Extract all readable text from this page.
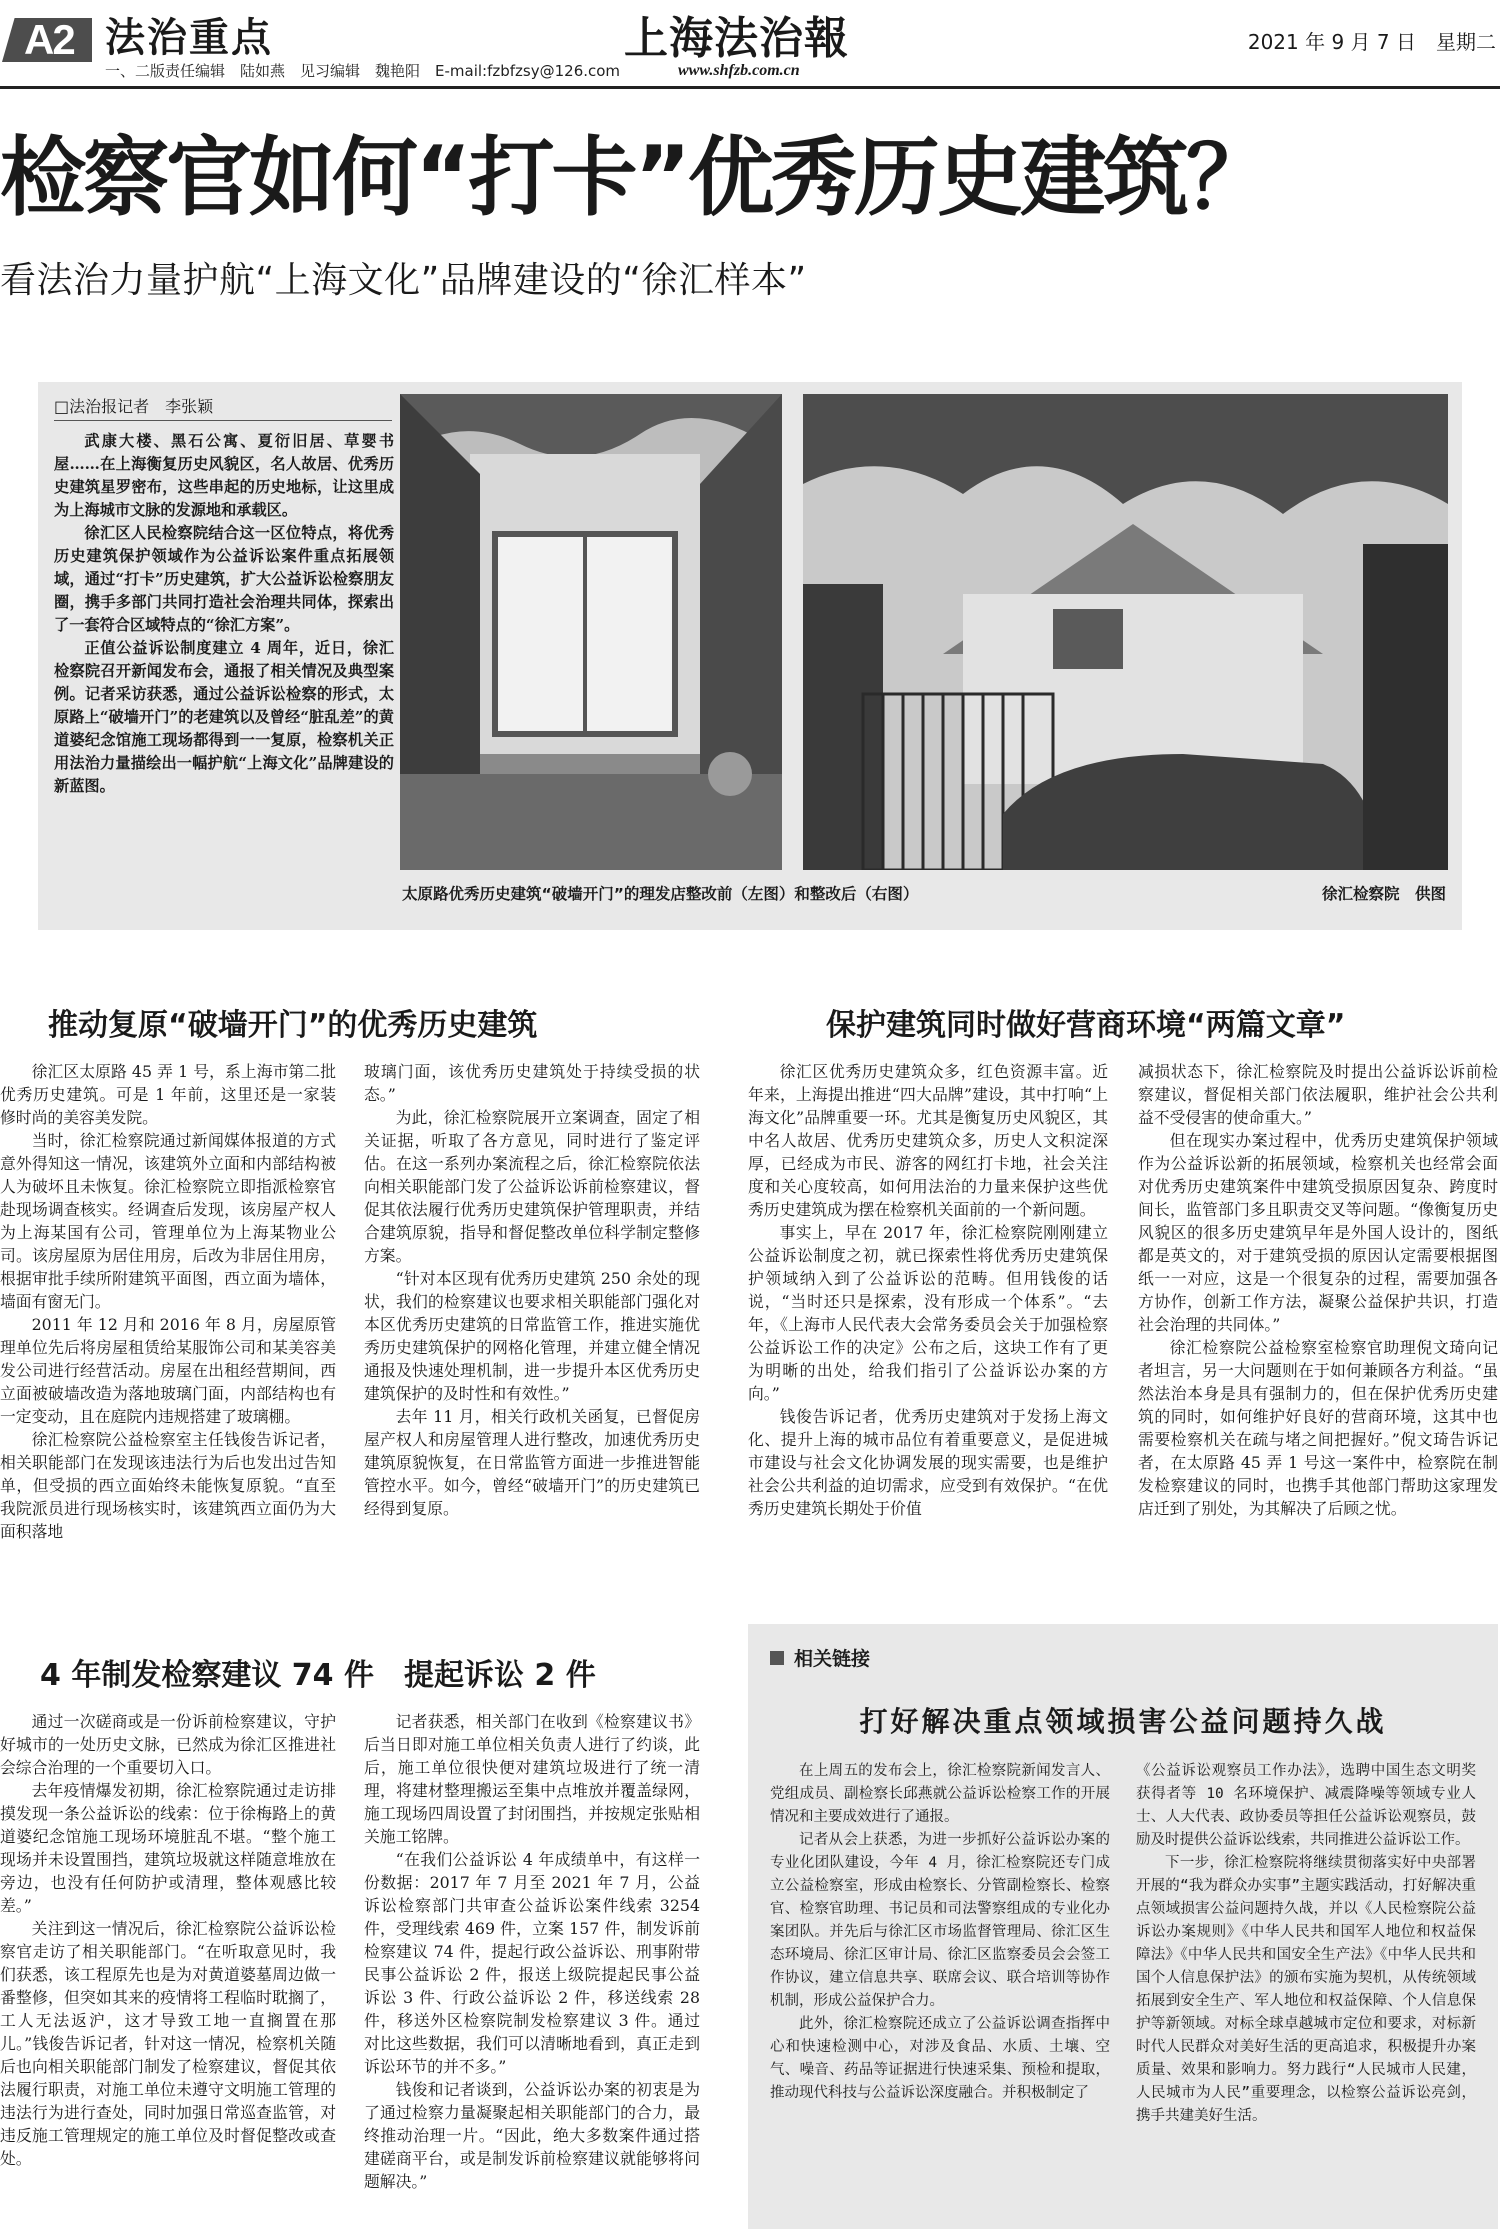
A2 法治重点
一、二版责任编辑　陆如燕　见习编辑　魏艳阳　E-mail:fzbfzsy@126.com
上海法治報
www.shfzb.com.cn
2021 年 9 月 7 日　星期二
检察官如何“打卡”优秀历史建筑？
看法治力量护航“上海文化”品牌建设的“徐汇样本”
□法治报记者　李张颖

武康大楼、黑石公寓、夏衍旧居、草婴书屋……在上海衡复历史风貌区，名人故居、优秀历史建筑星罗密布，这些串起的历史地标，让这里成为上海城市文脉的发源地和承载区。

徐汇区人民检察院结合这一区位特点，将优秀历史建筑保护领域作为公益诉讼案件重点拓展领域，通过“打卡”历史建筑，扩大公益诉讼检察朋友圈，携手多部门共同打造社会治理共同体，探索出了一套符合区域特点的“徐汇方案”。

正值公益诉讼制度建立 4 周年，近日，徐汇检察院召开新闻发布会，通报了相关情况及典型案例。记者采访获悉，通过公益诉讼检察的形式，太原路上“破墙开门”的老建筑以及曾经“脏乱差”的黄道婆纪念馆施工现场都得到一一复原，检察机关正用法治力量描绘出一幅护航“上海文化”品牌建设的新蓝图。

太原路优秀历史建筑“破墙开门”的理发店整改前（左图）和整改后（右图）	徐汇检察院　供图
推动复原“破墙开门”的优秀历史建筑

徐汇区太原路 45 弄 1 号，系上海市第二批优秀历史建筑。可是 1 年前，这里还是一家装修时尚的美容美发院。

当时，徐汇检察院通过新闻媒体报道的方式意外得知这一情况，该建筑外立面和内部结构被人为破坏且未恢复。徐汇检察院立即指派检察官赴现场调查核实。经调查后发现，该房屋产权人为上海某国有公司，管理单位为上海某物业公司。该房屋原为居住用房，后改为非居住用房，根据审批手续所附建筑平面图，西立面为墙体，墙面有窗无门。

2011 年 12 月和 2016 年 8 月，房屋原管理单位先后将房屋租赁给某服饰公司和某美容美发公司进行经营活动。房屋在出租经营期间，西立面被破墙改造为落地玻璃门面，内部结构也有一定变动，且在庭院内违规搭建了玻璃棚。

徐汇检察院公益检察室主任钱俊告诉记者，相关职能部门在发现该违法行为后也发出过告知单，但受损的西立面始终未能恢复原貌。“直至我院派员进行现场核实时，该建筑西立面仍为大面积落地

玻璃门面，该优秀历史建筑处于持续受损的状态。”

为此，徐汇检察院展开立案调查，固定了相关证据，听取了各方意见，同时进行了鉴定评估。在这一系列办案流程之后，徐汇检察院依法向相关职能部门发了公益诉讼诉前检察建议，督促其依法履行优秀历史建筑保护管理职责，并结合建筑原貌，指导和督促整改单位科学制定整修方案。

“针对本区现有优秀历史建筑 250 余处的现状，我们的检察建议也要求相关职能部门强化对本区优秀历史建筑的日常监管工作，推进实施优秀历史建筑保护的网格化管理，并建立健全情况通报及快速处理机制，进一步提升本区优秀历史建筑保护的及时性和有效性。”

去年 11 月，相关行政机关函复，已督促房屋产权人和房屋管理人进行整改，加速优秀历史建筑原貌恢复，在日常监管方面进一步推进智能管控水平。如今，曾经“破墙开门”的历史建筑已经得到复原。

保护建筑同时做好营商环境“两篇文章”

徐汇区优秀历史建筑众多，红色资源丰富。近年来，上海提出推进“四大品牌”建设，其中打响“上海文化”品牌重要一环。尤其是衡复历史风貌区，其中名人故居、优秀历史建筑众多，历史人文积淀深厚，已经成为市民、游客的网红打卡地，社会关注度和关心度较高，如何用法治的力量来保护这些优秀历史建筑成为摆在检察机关面前的一个新问题。

事实上，早在 2017 年，徐汇检察院刚刚建立公益诉讼制度之初，就已探索性将优秀历史建筑保护领域纳入到了公益诉讼的范畴。但用钱俊的话说，“当时还只是探索，没有形成一个体系”。“去年，《上海市人民代表大会常务委员会关于加强检察公益诉讼工作的决定》公布之后，这块工作有了更为明晰的出处，给我们指引了公益诉讼办案的方向。”

钱俊告诉记者，优秀历史建筑对于发扬上海文化、提升上海的城市品位有着重要意义，是促进城市建设与社会文化协调发展的现实需要，也是维护社会公共利益的迫切需求，应受到有效保护。“在优秀历史建筑长期处于价值

减损状态下，徐汇检察院及时提出公益诉讼诉前检察建议，督促相关部门依法履职，维护社会公共利益不受侵害的使命重大。”

但在现实办案过程中，优秀历史建筑保护领域作为公益诉讼新的拓展领域，检察机关也经常会面对优秀历史建筑案件中建筑受损原因复杂、跨度时间长，监管部门多且职责交叉等问题。“像衡复历史风貌区的很多历史建筑早年是外国人设计的，图纸都是英文的，对于建筑受损的原因认定需要根据图纸一一对应，这是一个很复杂的过程，需要加强各方协作，创新工作方法，凝聚公益保护共识，打造社会治理的共同体。”

徐汇检察院公益检察室检察官助理倪文琦向记者坦言，另一大问题则在于如何兼顾各方利益。“虽然法治本身是具有强制力的，但在保护优秀历史建筑的同时，如何维护好良好的营商环境，这其中也需要检察机关在疏与堵之间把握好。”倪文琦告诉记者，在太原路 45 弄 1 号这一案件中，检察院在制发检察建议的同时，也携手其他部门帮助这家理发店迁到了别处，为其解决了后顾之忧。

4 年制发检察建议 74 件　提起诉讼 2 件

通过一次磋商或是一份诉前检察建议，守护好城市的一处历史文脉，已然成为徐汇区推进社会综合治理的一个重要切入口。

去年疫情爆发初期，徐汇检察院通过走访排摸发现一条公益诉讼的线索：位于徐梅路上的黄道婆纪念馆施工现场环境脏乱不堪。“整个施工现场并未设置围挡，建筑垃圾就这样随意堆放在旁边，也没有任何防护或清理，整体观感比较差。”

关注到这一情况后，徐汇检察院公益诉讼检察官走访了相关职能部门。“在听取意见时，我们获悉，该工程原先也是为对黄道婆墓周边做一番整修，但突如其来的疫情将工程临时耽搁了，工人无法返沪，这才导致工地一直搁置在那儿。”钱俊告诉记者，针对这一情况，检察机关随后也向相关职能部门制发了检察建议，督促其依法履行职责，对施工单位未遵守文明施工管理的违法行为进行查处，同时加强日常巡查监管，对违反施工管理规定的施工单位及时督促整改或查处。

记者获悉，相关部门在收到《检察建议书》后当日即对施工单位相关负责人进行了约谈，此后，施工单位很快便对建筑垃圾进行了统一清理，将建材整理搬运至集中点堆放并覆盖绿网，施工现场四周设置了封闭围挡，并按规定张贴相关施工铭牌。

“在我们公益诉讼 4 年成绩单中，有这样一份数据：2017 年 7 月至 2021 年 7 月，公益诉讼检察部门共审查公益诉讼案件线索 3254 件，受理线索 469 件，立案 157 件，制发诉前检察建议 74 件，提起行政公益诉讼、刑事附带民事公益诉讼 2 件，报送上级院提起民事公益诉讼 3 件、行政公益诉讼 2 件，移送线索 28 件，移送外区检察院制发检察建议 3 件。通过对比这些数据，我们可以清晰地看到，真正走到诉讼环节的并不多。”

钱俊和记者谈到，公益诉讼办案的初衷是为了通过检察力量凝聚起相关职能部门的合力，最终推动治理一片。“因此，绝大多数案件通过搭建磋商平台，或是制发诉前检察建议就能够将问题解决。”

相关链接
打好解决重点领域损害公益问题持久战

在上周五的发布会上，徐汇检察院新闻发言人、党组成员、副检察长邱燕就公益诉讼检察工作的开展情况和主要成效进行了通报。

记者从会上获悉，为进一步抓好公益诉讼办案的专业化团队建设，今年 4 月，徐汇检察院还专门成立公益检察室，形成由检察长、分管副检察长、检察官、检察官助理、书记员和司法警察组成的专业化办案团队。并先后与徐汇区市场监督管理局、徐汇区生态环境局、徐汇区审计局、徐汇区监察委员会会签工作协议，建立信息共享、联席会议、联合培训等协作机制，形成公益保护合力。

此外，徐汇检察院还成立了公益诉讼调查指挥中心和快速检测中心，对涉及食品、水质、土壤、空气、噪音、药品等证据进行快速采集、预检和提取，推动现代科技与公益诉讼深度融合。并积极制定了

《公益诉讼观察员工作办法》，选聘中国生态文明奖获得者等 10 名环境保护、减震降噪等领域专业人士、人大代表、政协委员等担任公益诉讼观察员，鼓励及时提供公益诉讼线索，共同推进公益诉讼工作。

下一步，徐汇检察院将继续贯彻落实好中央部署开展的“我为群众办实事”主题实践活动，打好解决重点领域损害公益问题持久战，并以《人民检察院公益诉讼办案规则》《中华人民共和国军人地位和权益保障法》《中华人民共和国安全生产法》《中华人民共和国个人信息保护法》的颁布实施为契机，从传统领域拓展到安全生产、军人地位和权益保障、个人信息保护等新领域。对标全球卓越城市定位和要求，对标新时代人民群众对美好生活的更高追求，积极提升办案质量、效果和影响力。努力践行“人民城市人民建，人民城市为人民”重要理念，以检察公益诉讼亮剑，携手共建美好生活。
